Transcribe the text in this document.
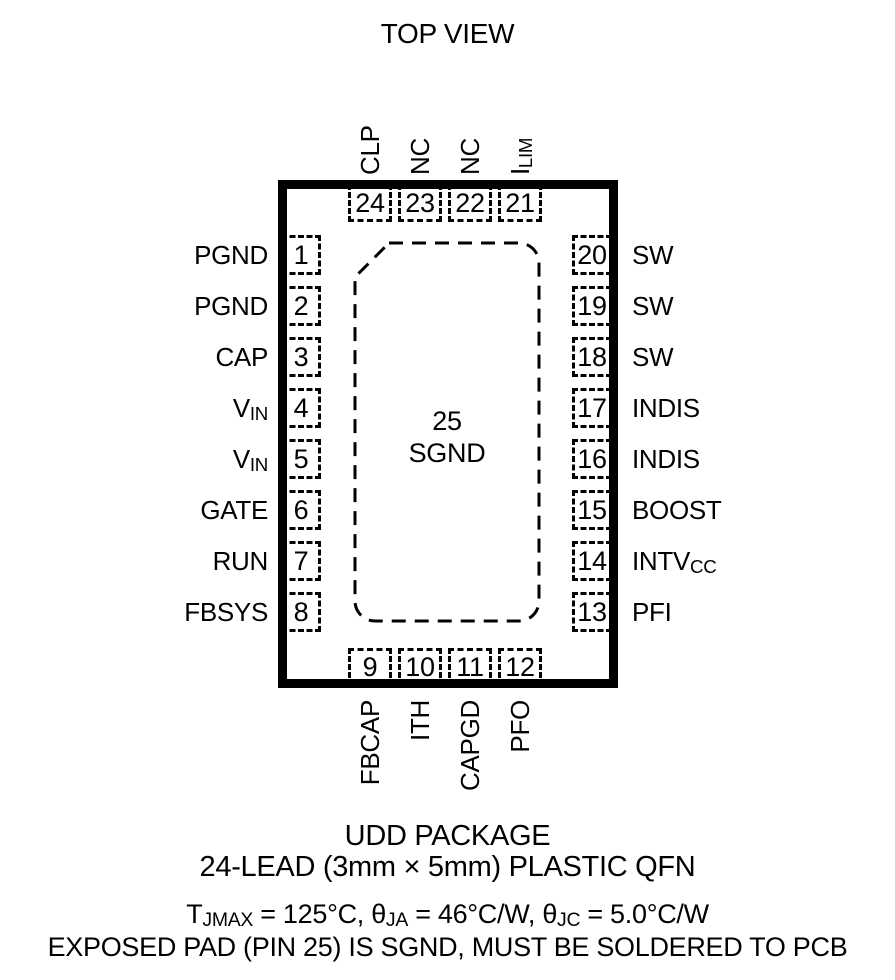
TOP VIEW
25
SGND
1
PGND
2
PGND
3
CAP
4
$V_{IN}$
5
$V_{IN}$
6
GATE
7
RUN
8
FBSYS
20 SW
19 SW
18 SW
17 INDIS
16 INDIS
15 BOOST
14 $INTV_{CC}$
13 PFI
24
CLP
23
NC
22
NC
21
$I_{LIM}$
9
FBCAP
10
ITH
11
CAPGD
12
PFO
UDD PACKAGE
24-LEAD (3mm × 5mm) PLASTIC QFN
$T_{JMAX} = 125^\circ C$, $\theta_{JA} = 46^\circ C/W$, $\theta_{JC} = 5.0^\circ C/W$
EXPOSED PAD (PIN 25) IS SGND, MUST BE SOLDERED TO PCB
